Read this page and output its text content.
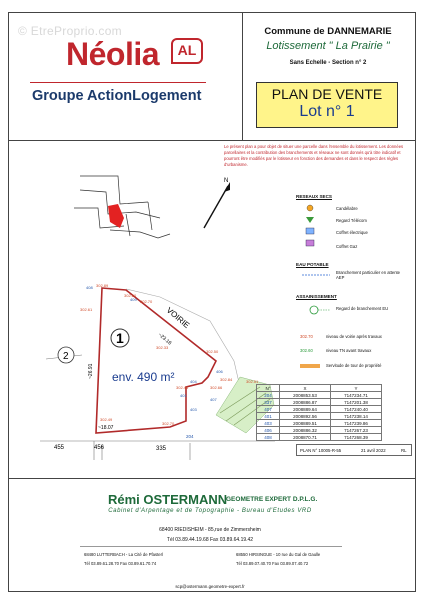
© EtreProprio.com
Néolia	AL
Groupe ActionLogement
Commune de DANNEMARIE
Lotissement " La Prairie "
Sans Echelle - Section n° 2
PLAN DE VENTE
Lot n° 1
Le présent plan a pour objet de situer une parcelle dans l'ensemble du lotissement. Les données parcellaires et la contribution des branchements et réseaux ne sont donnés qu'à titre indicatif et pourront être modifiés par le lotisseur en fonction des demandes et dans le respect des règles d'urbanisme.
N
1
2
env. 490 m²
VOIRIE
455	456	335
204
~26.91
~23.16
~18.07
408
409
406
404
401
403
407
302.89
302.70
302.60
302.61
302.50
302.33
302.45	302.66
302.84
302.70
302.49
302.51
RESEAUX SECS
Candélabre
Regard Télécom
Coffret électrique
Coffret Gaz
EAU POTABLE
Branchement particulier en attente AEP
ASSAINISSEMENT
Regard de branchement EU
302.70	niveau de voirie après travaux
302.60	niveau TN avant travaux
Servitude de tour de propriété
N°	X	Y
204	2008853.53	7147234.71
337	2008886.87	7147201.38
407	2008889.64	7147240.40
401	2008892.56	7147238.14
403	2008889.51	7147239.86
406	2008886.32	7147267.23
408	2008870.71	7147268.39
PLAN N° 10005-R-55	21 avril 2022	RL
Rémi OSTERMANN
GEOMETRE EXPERT D.P.L.G.
Cabinet d'Arpentage et de Topographie - Bureau d'Etudes VRD
68400 RIEDISHEIM - 85,rue de Zimmersheim
Tél 03.89.44.19.68 Fax 03.89.64.19.42
68480 LUTTERBACH - La Cité de Pfasterl
Tél 03.89.61.28.70 Fax 03.89.61.70.74
68550 HIRSINGUE - 10 rue du Gal de Gaulle
Tél 03.89.07.40.70 Fax 03.89.07.40.72
scp@ostermann.geometre-expert.fr
